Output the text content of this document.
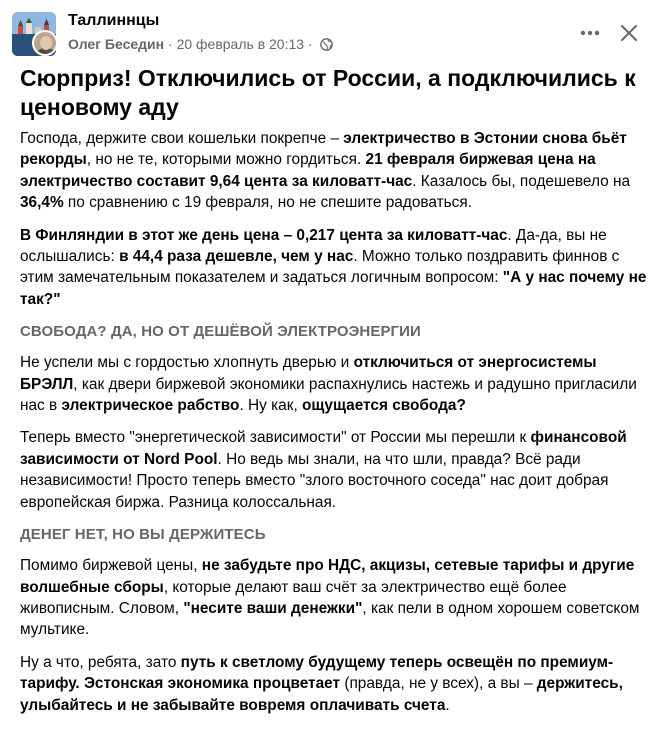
Таллиннцы
Олег Беседин · 20 февраль в 20:13 ·
Сюрприз! Отключились от России, а подключились к ценовому аду

Господа, держите свои кошельки покрепче – электричество в Эстонии снова бьёт рекорды, но не те, которыми можно гордиться. 21 февраля биржевая цена на электричество составит 9,64 цента за киловатт-час. Казалось бы, подешевело на 36,4% по сравнению с 19 февраля, но не спешите радоваться.

В Финляндии в этот же день цена – 0,217 цента за киловатт-час. Да-да, вы не ослышались: в 44,4 раза дешевле, чем у нас. Можно только поздравить финнов с этим замечательным показателем и задаться логичным вопросом: "А у нас почему не так?"

СВОБОДА? ДА, НО ОТ ДЕШЁВОЙ ЭЛЕКТРОЭНЕРГИИ

Не успели мы с гордостью хлопнуть дверью и отключиться от энергосистемы БРЭЛЛ, как двери биржевой экономики распахнулись настежь и радушно пригласили нас в электрическое рабство. Ну как, ощущается свобода?

Теперь вместо "энергетической зависимости" от России мы перешли к финансовой зависимости от Nord Pool. Но ведь мы знали, на что шли, правда? Всё ради независимости! Просто теперь вместо "злого восточного соседа" нас доит добрая европейская биржа. Разница колоссальная.

ДЕНЕГ НЕТ, НО ВЫ ДЕРЖИТЕСЬ

Помимо биржевой цены, не забудьте про НДС, акцизы, сетевые тарифы и другие волшебные сборы, которые делают ваш счёт за электричество ещё более живописным. Словом, "несите ваши денежки", как пели в одном хорошем советском мультике.

Ну а что, ребята, зато путь к светлому будущему теперь освещён по премиум-тарифу. Эстонская экономика процветает (правда, не у всех), а вы – держитесь, улыбайтесь и не забывайте вовремя оплачивать счета.
